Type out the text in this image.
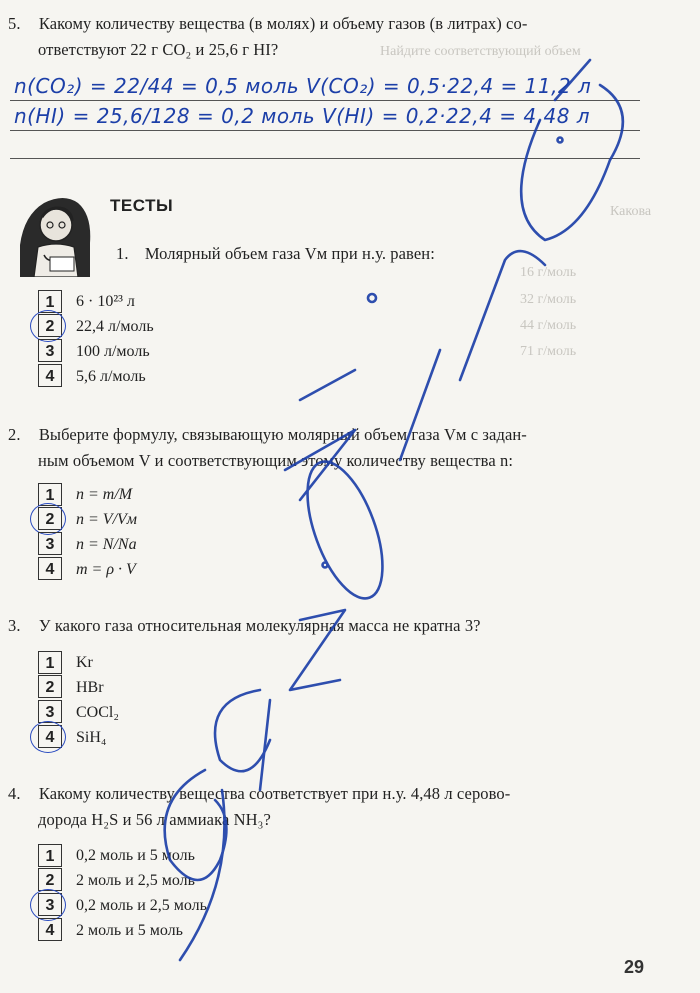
5. Какому количеству вещества (в молях) и объему газов (в литрах) со-
ответствуют 22 г CO₂ и 25,6 г HI?
n(CO₂) = 22/44 = 0,5 моль V(CO₂) = 0,5·22,4 = 11,2 л
n(HI) = 25,6/128 = 0,2 моль V(HI) = 0,2·22,4 = 4,48 л
Найдите соответствующий объем
Какова
16 г/моль
32 г/моль
44 г/моль
71 г/моль
ТЕСТЫ
1. Молярный объем газа Vм при н.у. равен:
1	6 · 10²³ л
2	22,4 л/моль
3	100 л/моль
4	5,6 л/моль
2. Выберите формулу, связывающую молярный объем газа Vм с задан-
ным объемом V и соответствующим этому количеству вещества n:
1	n = m/M
2	n = V/Vм
3	n = N/Nа
4	m = ρ · V
3. У какого газа относительная молекулярная масса не кратна 3?
1	Kr
2	HBr
3	COCl₂
4	SiH₄
4. Какому количеству вещества соответствует при н.у. 4,48 л серово-
дорода H₂S и 56 л аммиака NH₃?
1	0,2 моль и 5 моль
2	2 моль и 2,5 моль
3	0,2 моль и 2,5 моль
4	2 моль и 5 моль
29
